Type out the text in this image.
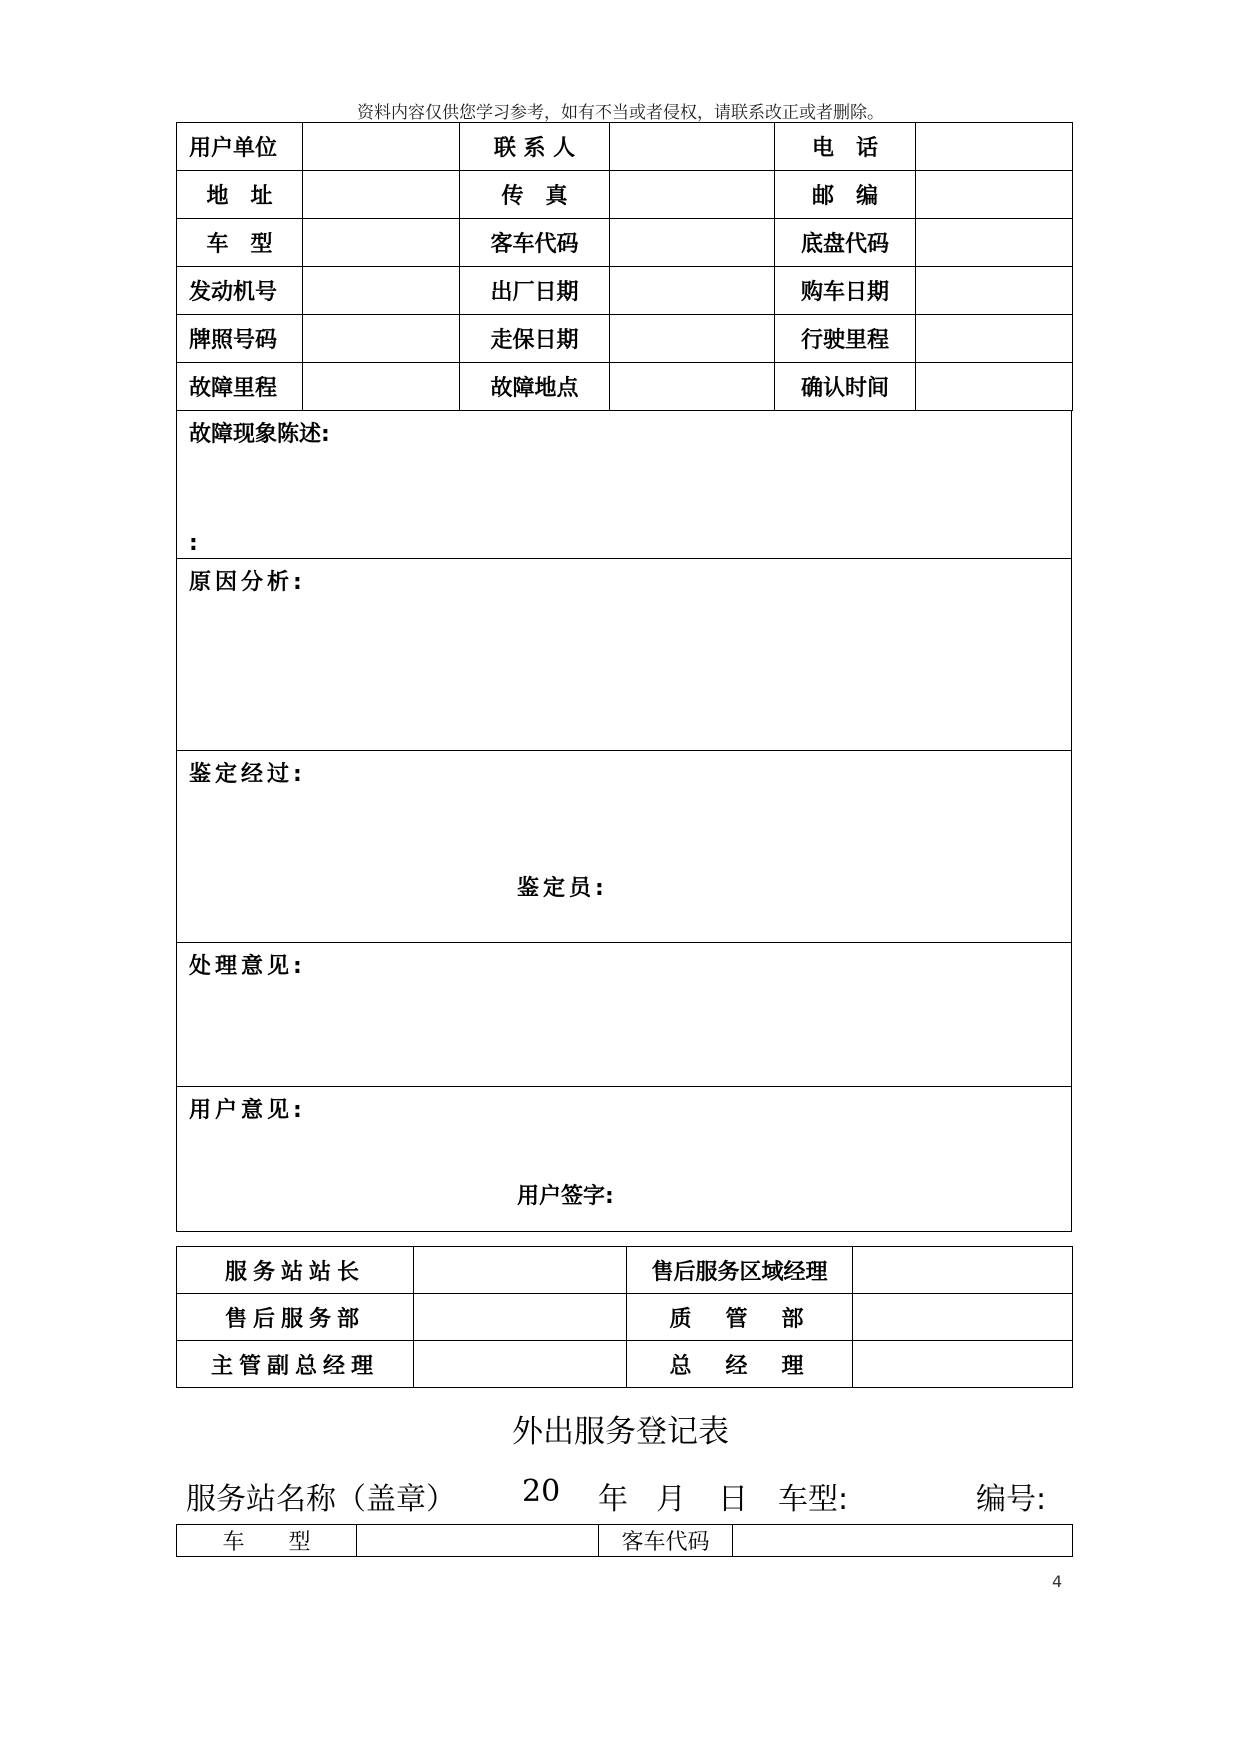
资料内容仅供您学习参考，如有不当或者侵权，请联系改正或者删除。
用户单位		联 系 人		电　话	
地　址		传　真		邮　编	
车　型		客车代码		底盘代码	
发动机号		出厂日期		购车日期	
牌照号码		走保日期		行驶里程	
故障里程		故障地点		确认时间	
故障现象陈述:
:
原因分析:
鉴定经过:
鉴定员:
处理意见:
用户意见:
用户签字:
服务站站长		售后服务区域经理	
售后服务部		质　管　部	
主管副总经理		总　经　理	
外出服务登记表
服务站名称（盖章） 20 年 月 日 车型:	编号:
车　　型		客车代码	
4
